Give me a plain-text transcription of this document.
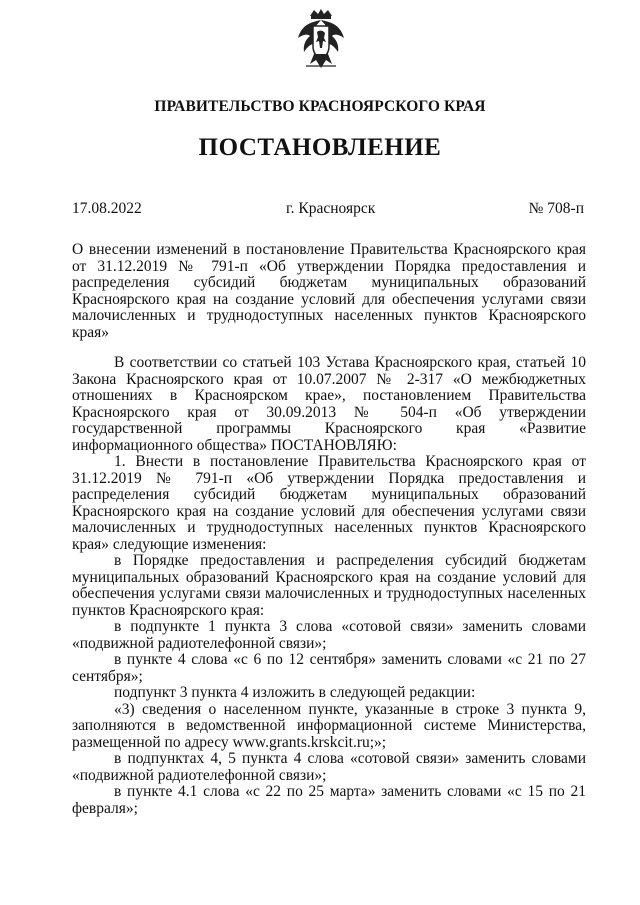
ПРАВИТЕЛЬСТВО КРАСНОЯРСКОГО КРАЯ
ПОСТАНОВЛЕНИЕ
17.08.2022	г. Красноярск	№ 708-п

О внесении изменений в постановление Правительства Красноярского края от 31.12.2019 № 791-п «Об утверждении Порядка предоставления и распределения субсидий бюджетам муниципальных образований Красноярского края на создание условий для обеспечения услугами связи малочисленных и труднодоступных населенных пунктов Красноярского края»

В соответствии со статьей 103 Устава Красноярского края, статьей 10 Закона Красноярского края от 10.07.2007 № 2-317 «О межбюджетных отношениях в Красноярском крае», постановлением Правительства Красноярского края от 30.09.2013 № 504-п «Об утверждении государственной программы Красноярского края «Развитие информационного общества» ПОСТАНОВЛЯЮ:

1. Внести в постановление Правительства Красноярского края от 31.12.2019 № 791-п «Об утверждении Порядка предоставления и распределения субсидий бюджетам муниципальных образований Красноярского края на создание условий для обеспечения услугами связи малочисленных и труднодоступных населенных пунктов Красноярского края» следующие изменения:

в Порядке предоставления и распределения субсидий бюджетам муниципальных образований Красноярского края на создание условий для обеспечения услугами связи малочисленных и труднодоступных населенных пунктов Красноярского края:

в подпункте 1 пункта 3 слова «сотовой связи» заменить словами «подвижной радиотелефонной связи»;

в пункте 4 слова «с 6 по 12 сентября» заменить словами «с 21 по 27 сентября»;

подпункт 3 пункта 4 изложить в следующей редакции:

«3) сведения о населенном пункте, указанные в строке 3 пункта 9, заполняются в ведомственной информационной системе Министерства, размещенной по адресу www.grants.krskcit.ru;»;

в подпунктах 4, 5 пункта 4 слова «сотовой связи» заменить словами «подвижной радиотелефонной связи»;

в пункте 4.1 слова «с 22 по 25 марта» заменить словами «с 15 по 21 февраля»;
